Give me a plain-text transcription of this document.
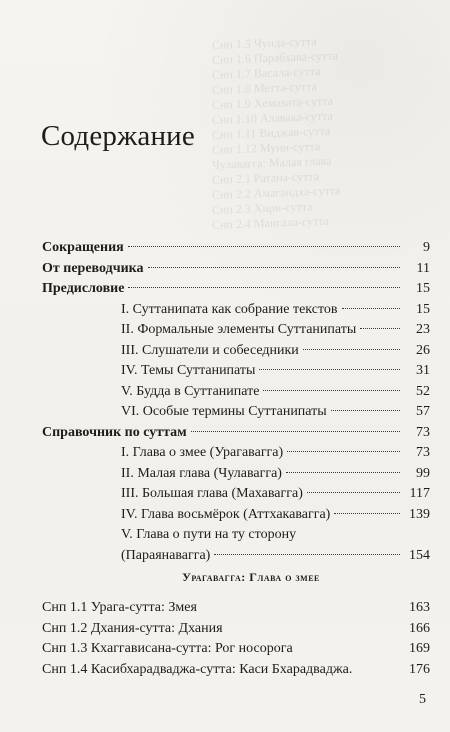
Снп 1.5 Чунда-сутта
Снп 1.6 Парабхава-сутта
Снп 1.7 Васала-сутта
Снп 1.8 Метта-сутта
Снп 1.9 Хемавата-сутта
Снп 1.10 Алавака-сутта
Снп 1.11 Виджая-сутта
Снп 1.12 Муни-сутта
Чулавагга: Малая глава
Снп 2.1 Ратана-сутта
Снп 2.2 Амагандха-сутта
Снп 2.3 Хири-сутта
Снп 2.4 Мангала-сутта
Содержание
Сокращения	9
От переводчика	11
Предисловие	15
I. Суттанипата как собрание текстов	15
II. Формальные элементы Суттанипаты	23
III. Слушатели и собеседники	26
IV. Темы Суттанипаты	31
V. Будда в Суттанипате	52
VI. Особые термины Суттанипаты	57
Справочник по суттам	73
I. Глава о змее (Урагавагга)	73
II. Малая глава (Чулавагга)	99
III. Большая глава (Махавагга)	117
IV. Глава восьмёрок (Аттхакавагга)	139
V. Глава о пути на ту сторону
(Параянавагга)	154
Урагавагга: Глава о змее
Снп 1.1 Урага-сутта: Змея	163
Снп 1.2 Дхания-сутта: Дхания	166
Снп 1.3 Кхаггависана-сутта: Рог носорога	169
Снп 1.4 Касибхарадваджа-сутта: Каси Бхарадваджа.	176
5
